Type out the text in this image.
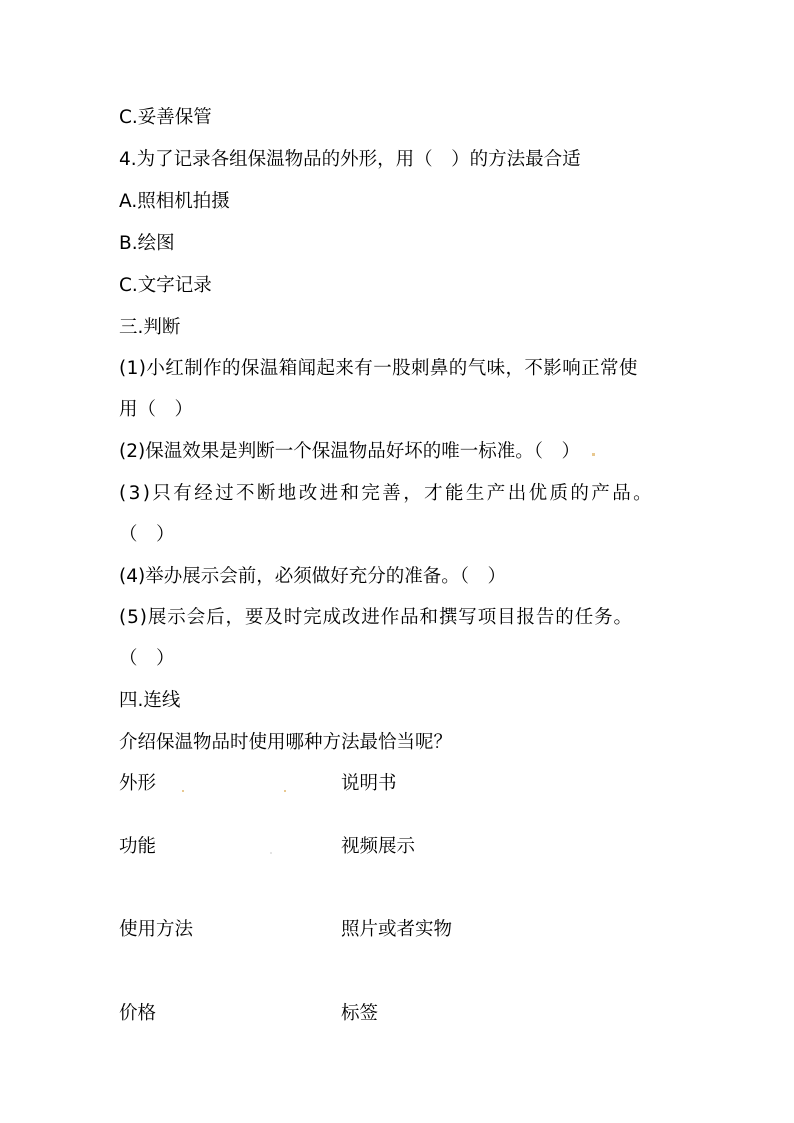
C.妥善保管
4.为了记录各组保温物品的外形，用（　）的方法最合适
A.照相机拍摄
B.绘图
C.文字记录
三.判断
(1)小红制作的保温箱闻起来有一股刺鼻的气味，不影响正常使
用（　）
(2)保温效果是判断一个保温物品好坏的唯一标准。（　）
(3)只有经过不断地改进和完善，才能生产出优质的产品。
（　）
(4)举办展示会前，必须做好充分的准备。（　）
(5)展示会后，要及时完成改进作品和撰写项目报告的任务。
（　）
四.连线
介绍保温物品时使用哪种方法最恰当呢？
外形	说明书
功能	视频展示
使用方法	照片或者实物
价格	标签
